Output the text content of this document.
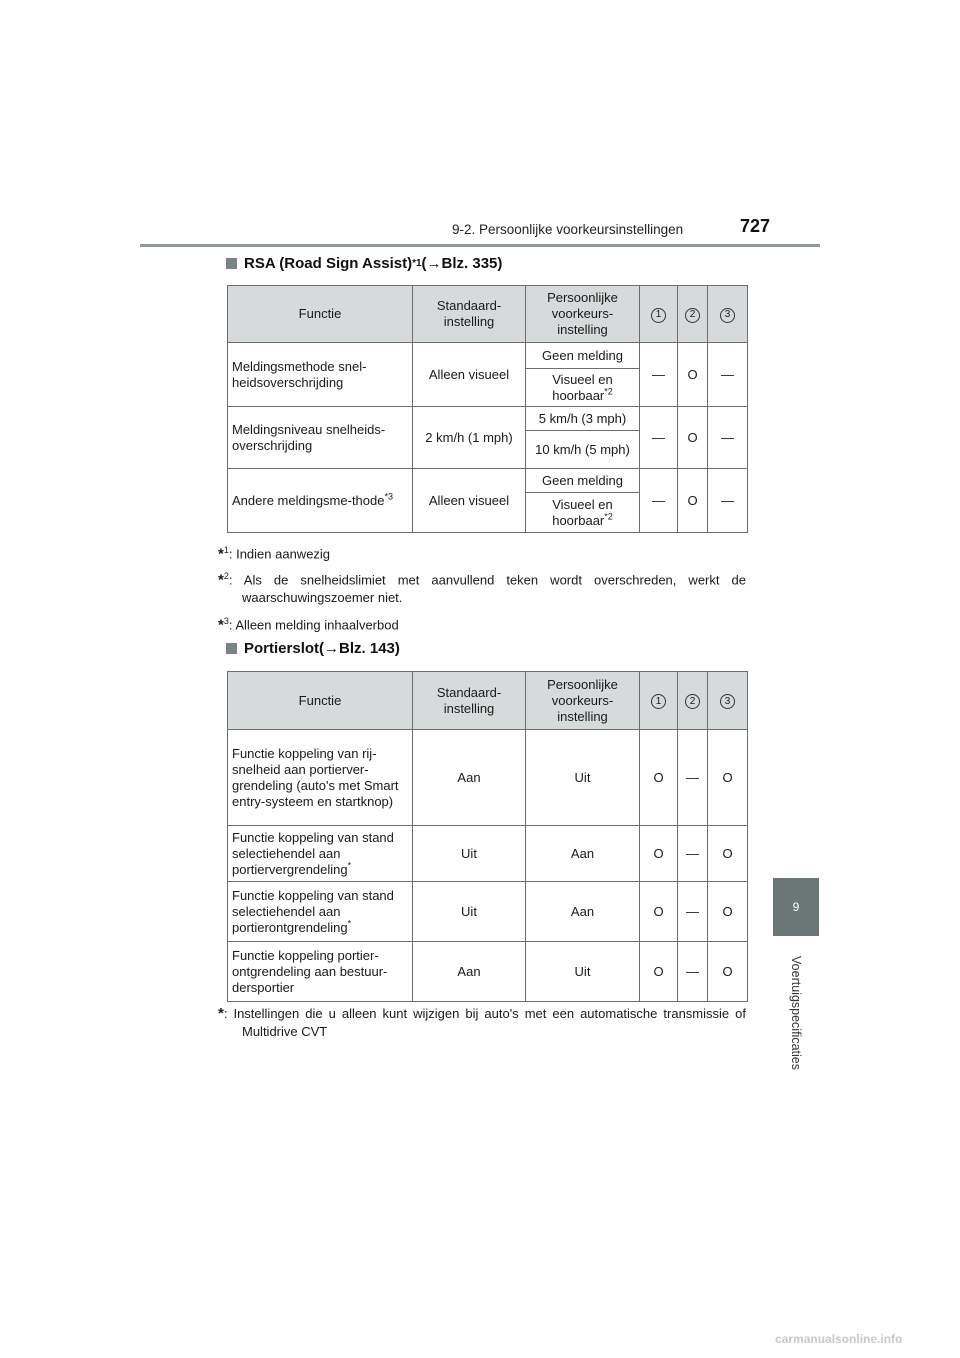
9-2. Persoonlijke voorkeursinstellingen	727
9
Voertuigspecificaties
RSA (Road Sign Assist) *1 (→Blz. 335)
Functie	Standaard-instelling	Persoonlijke voorkeurs-instelling	1	2	3
Meldingsmethode snel-heidsoverschrijding	Alleen visueel	Geen melding	—	O	—
		Visueel en hoorbaar$^{*2}$
Meldingsniveau snelheids-overschrijding	2 km/h (1 mph)	5 km/h (3 mph)	—	O	—
		10 km/h (5 mph)			
Andere meldingsme-thode$^{*3}$	Alleen visueel	Geen melding	—	O	—
		Visueel en hoorbaar$^{*2}$
*$^1$: Indien aanwezig
*$^2$: Als de snelheidslimiet met aanvullend teken wordt overschreden, werkt de waarschuwingszoemer niet.
*$^3$: Alleen melding inhaalverbod
Portierslot (→Blz. 143)
Functie	Standaard-instelling	Persoonlijke voorkeurs-instelling	1	2	3
Functie koppeling van rij-snelheid aan portierver-grendeling (auto's met Smart entry-systeem en startknop)	Aan	Uit	O	—	O
Functie koppeling van stand selectiehendel aan portiervergrendeling*	Uit	Aan	O	—	O
Functie koppeling van stand selectiehendel aan portierontgrendeling*	Uit	Aan	O	—	O
Functie koppeling portier-ontgrendeling aan bestuur-dersportier	Aan	Uit	O	—	O
*: Instellingen die u alleen kunt wijzigen bij auto's met een automatische transmissie of Multidrive CVT
carmanualsonline.info
